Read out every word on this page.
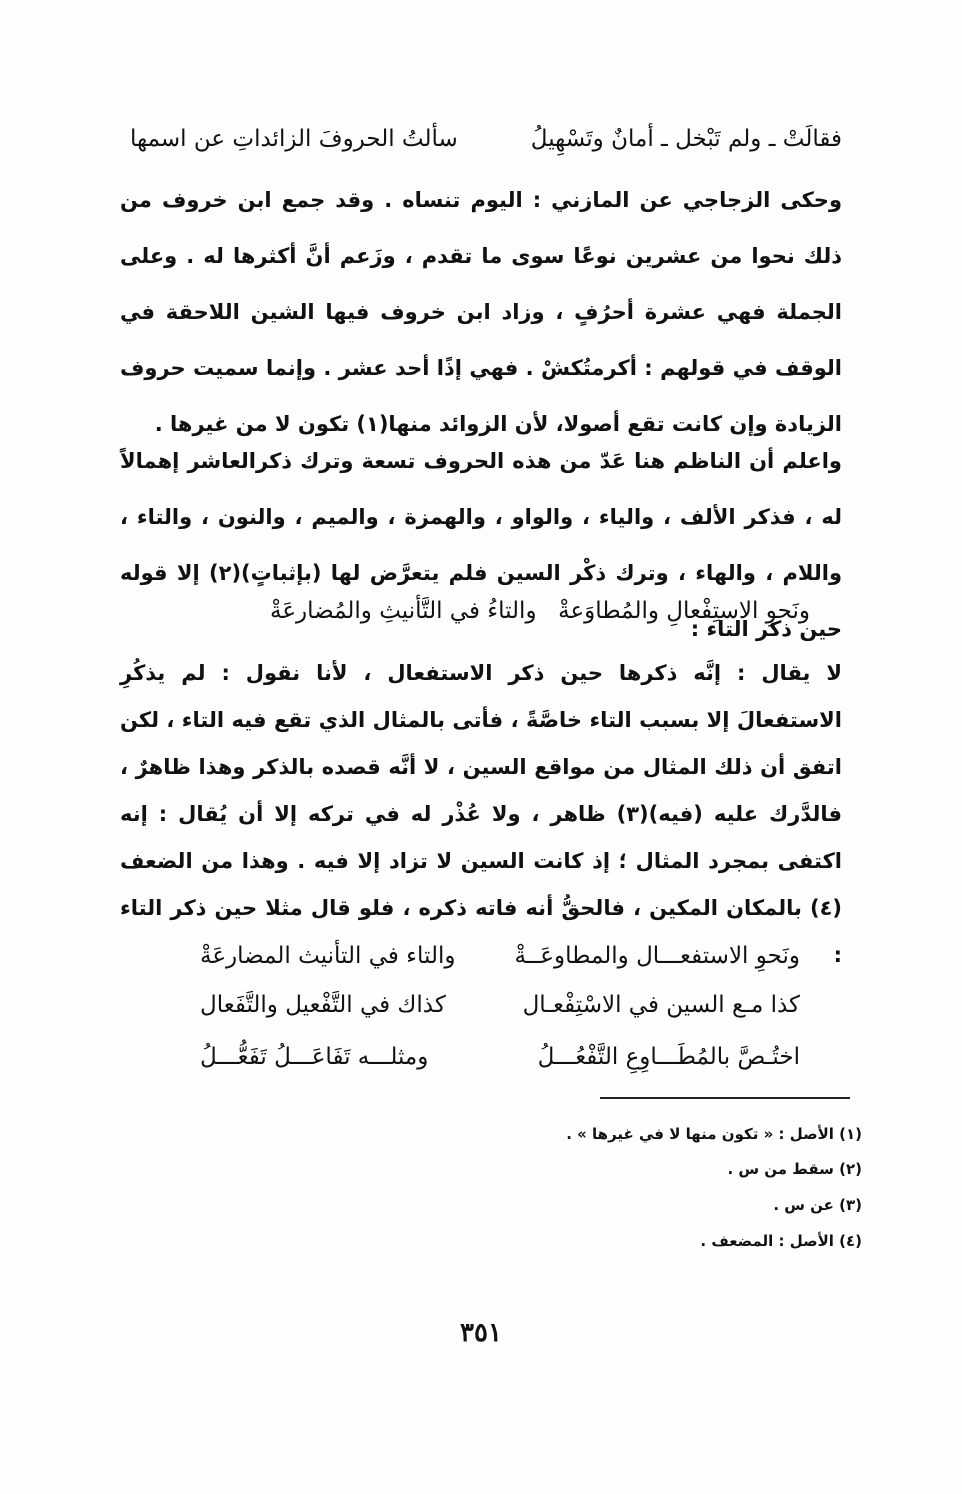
سألتُ الحروفَ الزائداتِ عن اسمها	فقالَتْ ـ ولم تَبْخل ـ أمانٌ وتَسْهِيلُ
وحكى الزجاجي عن المازني : اليوم تنساه . وقد جمع ابن خروف من ذلك نحوا من عشرين نوعًا سوى ما تقدم ، وزَعم أنَّ أكثرها له . وعلى الجملة فهي عشرة أحرُفٍ ، وزاد ابن خروف فيها الشين اللاحقة في الوقف في قولهم : أكرمتُكشْ . فهي إذًا أحد عشر . وإنما سميت حروف الزيادة وإن كانت تقع أصولا، لأن الزوائد منها(١) تكون لا من غيرها .
واعلم أن الناظم هنا عَدّ من هذه الحروف تسعة وترك ذكرالعاشر إهمالاً له ، فذكر الألف ، والياء ، والواو ، والهمزة ، والميم ، والنون ، والتاء ، واللام ، والهاء ، وترك ذكْر السين فلم يتعرَّض لها (بإثباتٍ)(٢) إلا قوله حين ذكر التاء :
والتاءُ في التَّأنيثِ والمُضارعَةْ ونَحوِ الاستِفْعالِ والمُطاوَعةْ
لا يقال : إنَّه ذكرها حين ذكر الاستفعال ، لأنا نقول : لم يذكُرِ الاستفعالَ إلا بسبب التاء خاصَّةً ، فأتى بالمثال الذي تقع فيه التاء ، لكن اتفق أن ذلك المثال من مواقع السين ، لا أنَّه قصده بالذكر وهذا ظاهرٌ ، فالدَّرك عليه (فيه)(٣) ظاهر ، ولا عُذْر له في تركه إلا أن يُقال : إنه اكتفى بمجرد المثال ؛ إذ كانت السين لا تزاد إلا فيه . وهذا من الضعف (٤) بالمكان المكين ، فالحقُّ أنه فاته ذكره ، فلو قال مثلا حين ذكر التاء :
والتاء في التأنيث المضارعَةْ	ونَحوِ الاستفعـــال والمطاوعَــةْ
كذاك في التَّفْعيل والتَّفَعال	كذا مـع السين في الاسْتِفْعـال
ومثلـــه تَفَاعَـــلُ تَفَعُّـــلُ	اختُـصَّ بالمُطَـــاوِعِ التَّفْعُـــلُ
(١) الأصل : « تكون منها لا في غيرها » .
(٢) سقط من س .
(٣) عن س .
(٤) الأصل : المضعف .
٣٥١
